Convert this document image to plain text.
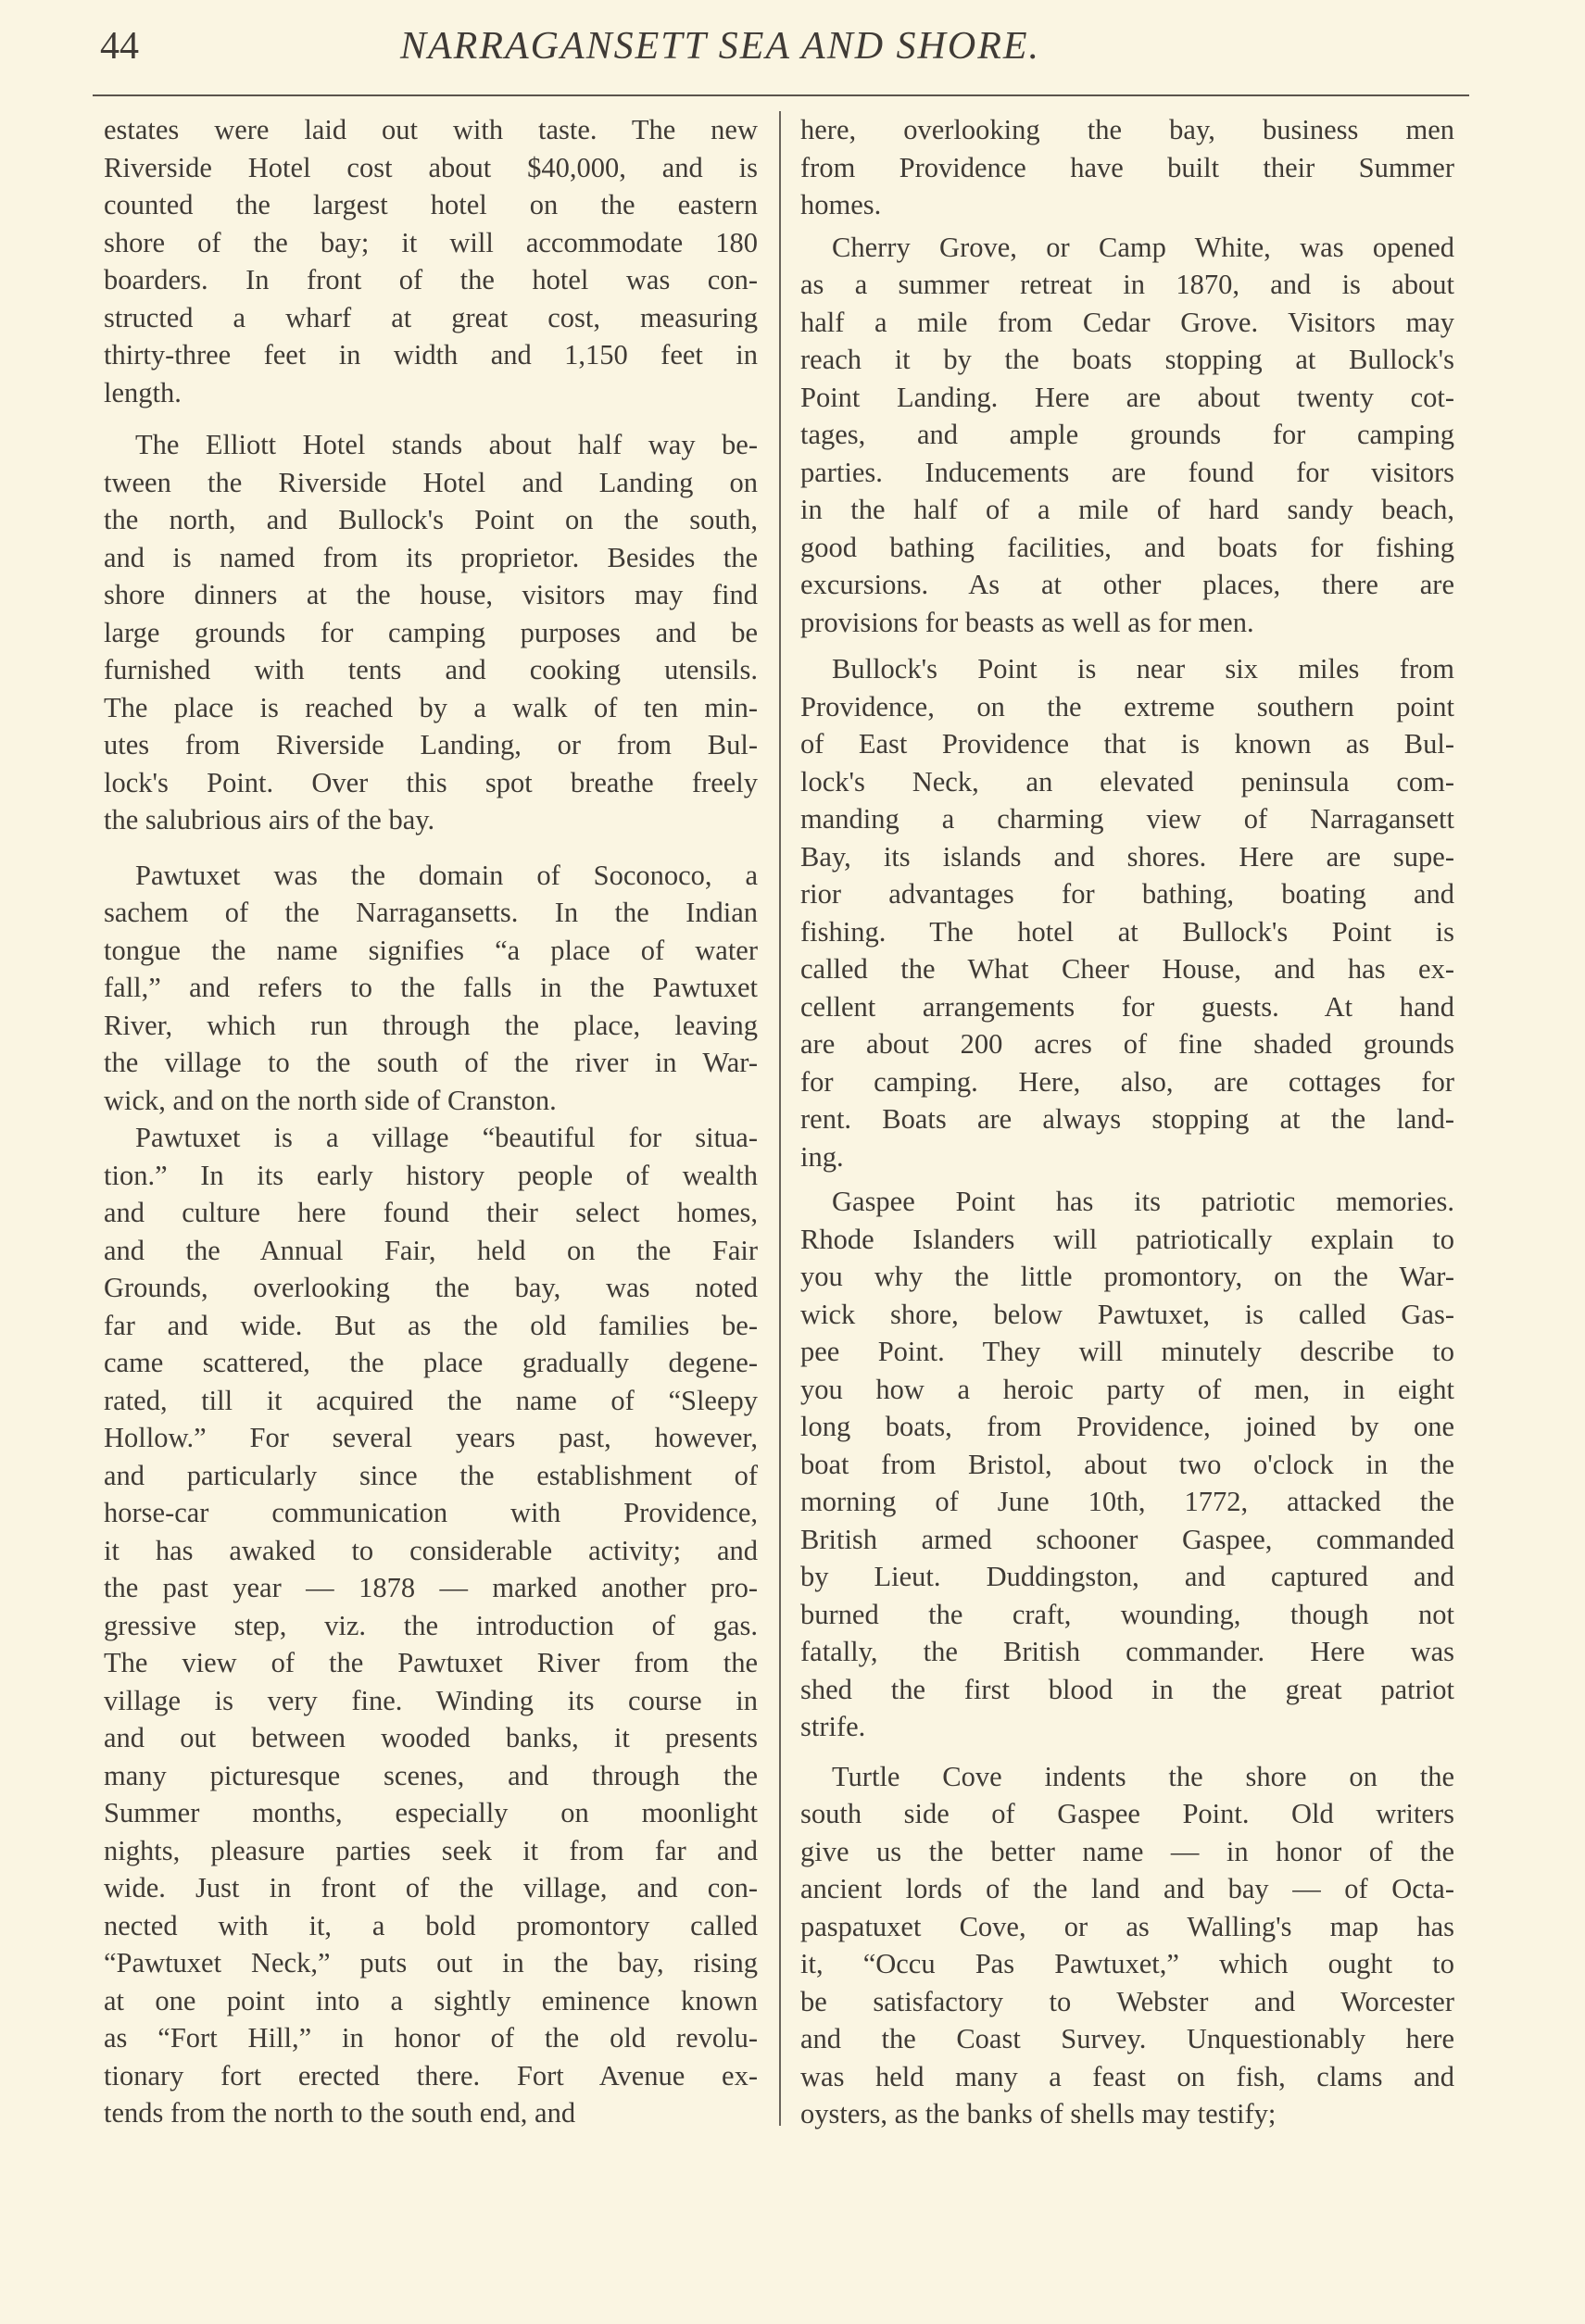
44	NARRAGANSETT SEA AND SHORE.
estates were laid out with taste. The new
Riverside Hotel cost about $40,000, and is
counted the largest hotel on the eastern
shore of the bay; it will accommodate 180
boarders. In front of the hotel was con-
structed a wharf at great cost, measuring
thirty-three feet in width and 1,150 feet in
length.
The Elliott Hotel stands about half way be-
tween the Riverside Hotel and Landing on
the north, and Bullock's Point on the south,
and is named from its proprietor. Besides the
shore dinners at the house, visitors may find
large grounds for camping purposes and be
furnished with tents and cooking utensils.
The place is reached by a walk of ten min-
utes from Riverside Landing, or from Bul-
lock's Point. Over this spot breathe freely
the salubrious airs of the bay.
Pawtuxet was the domain of Soconoco, a
sachem of the Narragansetts. In the Indian
tongue the name signifies “a place of water
fall,” and refers to the falls in the Pawtuxet
River, which run through the place, leaving
the village to the south of the river in War-
wick, and on the north side of Cranston.
Pawtuxet is a village “beautiful for situa-
tion.” In its early history people of wealth
and culture here found their select homes,
and the Annual Fair, held on the Fair
Grounds, overlooking the bay, was noted
far and wide. But as the old families be-
came scattered, the place gradually degene-
rated, till it acquired the name of “Sleepy
Hollow.” For several years past, however,
and particularly since the establishment of
horse-car communication with Providence,
it has awaked to considerable activity; and
the past year — 1878 — marked another pro-
gressive step, viz. the introduction of gas.
The view of the Pawtuxet River from the
village is very fine. Winding its course in
and out between wooded banks, it presents
many picturesque scenes, and through the
Summer months, especially on moonlight
nights, pleasure parties seek it from far and
wide. Just in front of the village, and con-
nected with it, a bold promontory called
“Pawtuxet Neck,” puts out in the bay, rising
at one point into a sightly eminence known
as “Fort Hill,” in honor of the old revolu-
tionary fort erected there. Fort Avenue ex-
tends from the north to the south end, and
here, overlooking the bay, business men
from Providence have built their Summer
homes.
Cherry Grove, or Camp White, was opened
as a summer retreat in 1870, and is about
half a mile from Cedar Grove. Visitors may
reach it by the boats stopping at Bullock's
Point Landing. Here are about twenty cot-
tages, and ample grounds for camping
parties. Inducements are found for visitors
in the half of a mile of hard sandy beach,
good bathing facilities, and boats for fishing
excursions. As at other places, there are
provisions for beasts as well as for men.
Bullock's Point is near six miles from
Providence, on the extreme southern point
of East Providence that is known as Bul-
lock's Neck, an elevated peninsula com-
manding a charming view of Narragansett
Bay, its islands and shores. Here are supe-
rior advantages for bathing, boating and
fishing. The hotel at Bullock's Point is
called the What Cheer House, and has ex-
cellent arrangements for guests. At hand
are about 200 acres of fine shaded grounds
for camping. Here, also, are cottages for
rent. Boats are always stopping at the land-
ing.
Gaspee Point has its patriotic memories.
Rhode Islanders will patriotically explain to
you why the little promontory, on the War-
wick shore, below Pawtuxet, is called Gas-
pee Point. They will minutely describe to
you how a heroic party of men, in eight
long boats, from Providence, joined by one
boat from Bristol, about two o'clock in the
morning of June 10th, 1772, attacked the
British armed schooner Gaspee, commanded
by Lieut. Duddingston, and captured and
burned the craft, wounding, though not
fatally, the British commander. Here was
shed the first blood in the great patriot
strife.
Turtle Cove indents the shore on the
south side of Gaspee Point. Old writers
give us the better name — in honor of the
ancient lords of the land and bay — of Octa-
paspatuxet Cove, or as Walling's map has
it, “Occu Pas Pawtuxet,” which ought to
be satisfactory to Webster and Worcester
and the Coast Survey. Unquestionably here
was held many a feast on fish, clams and
oysters, as the banks of shells may testify;
